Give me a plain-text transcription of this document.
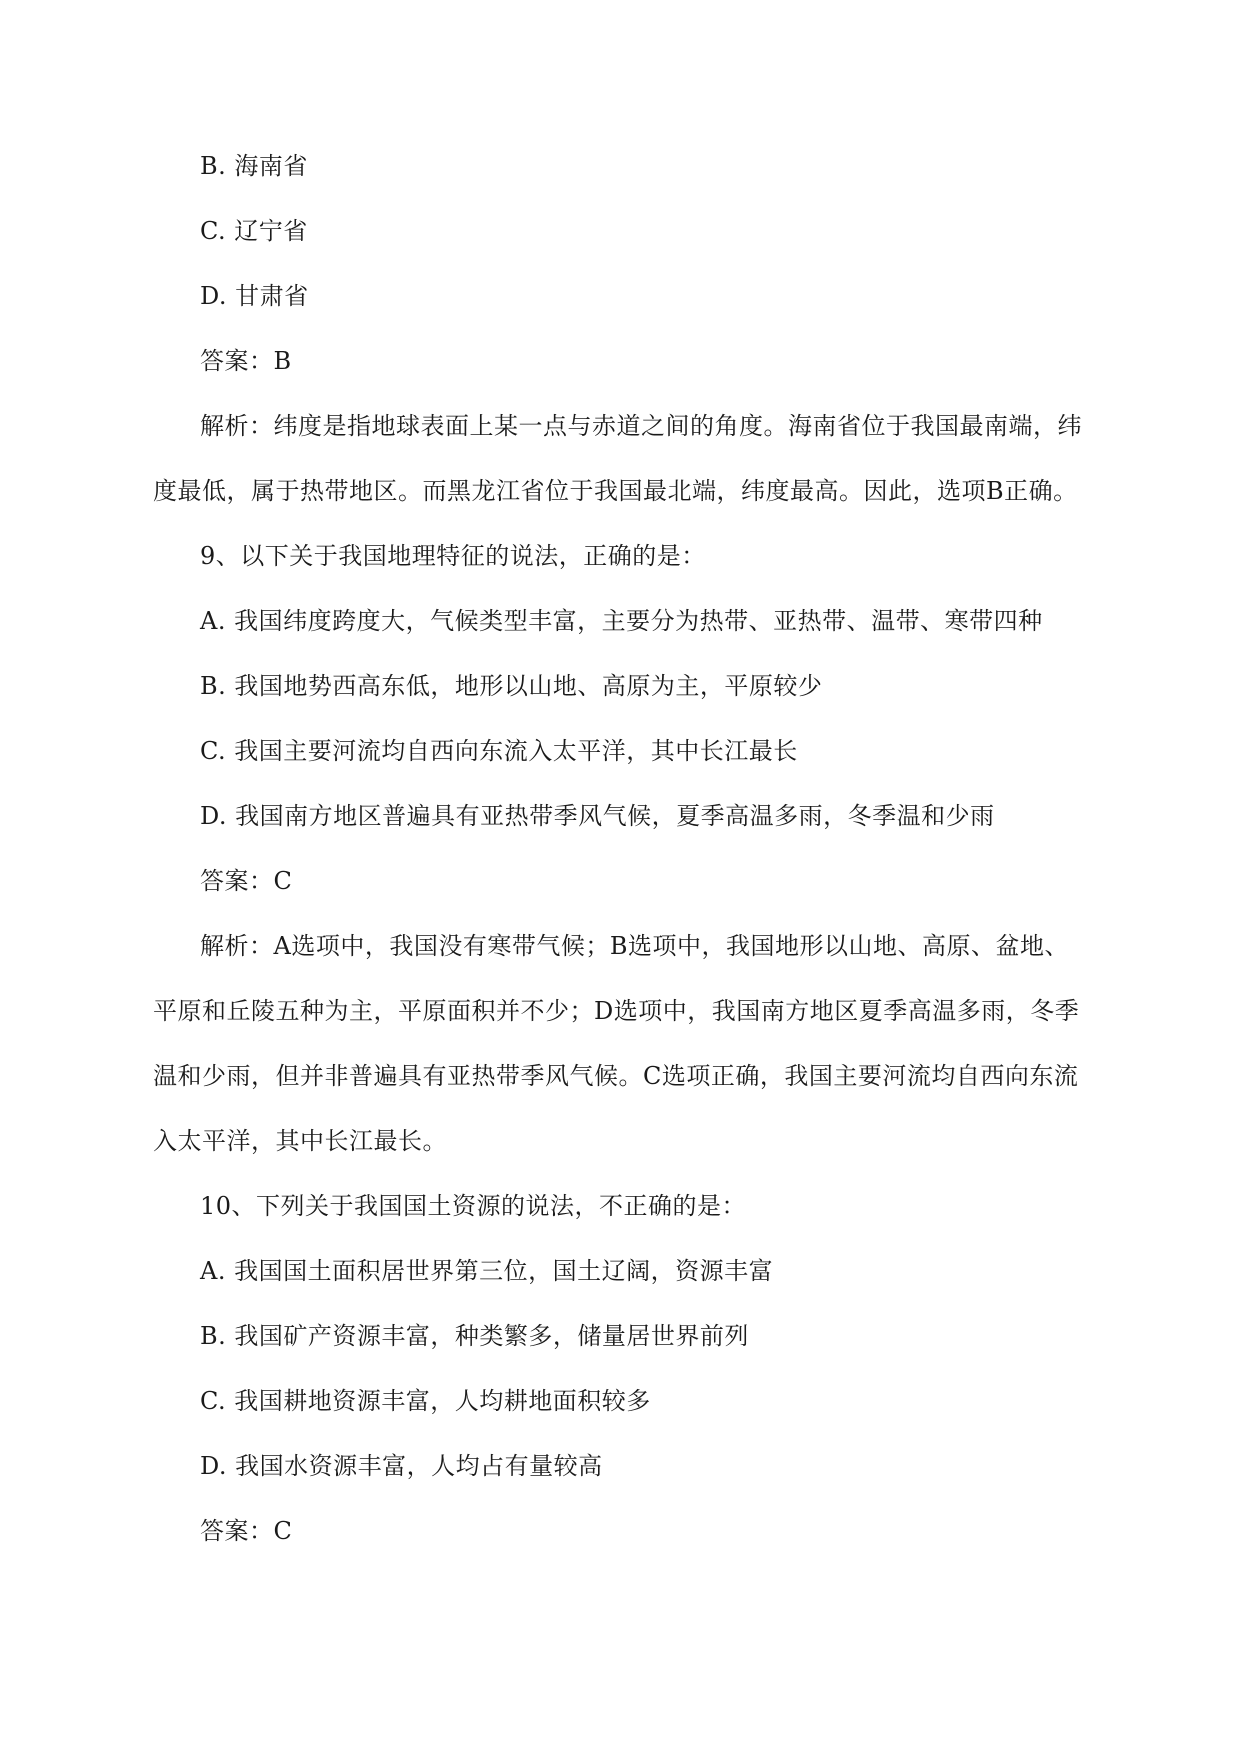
B. 海南省
C. 辽宁省
D. 甘肃省
答案：B
解析：纬度是指地球表面上某一点与赤道之间的角度。海南省位于我国最南端，纬
度最低，属于热带地区。而黑龙江省位于我国最北端，纬度最高。因此，选项B正确。
9、以下关于我国地理特征的说法，正确的是：
A. 我国纬度跨度大，气候类型丰富，主要分为热带、亚热带、温带、寒带四种
B. 我国地势西高东低，地形以山地、高原为主，平原较少
C. 我国主要河流均自西向东流入太平洋，其中长江最长
D. 我国南方地区普遍具有亚热带季风气候，夏季高温多雨，冬季温和少雨
答案：C
解析：A选项中，我国没有寒带气候；B选项中，我国地形以山地、高原、盆地、
平原和丘陵五种为主，平原面积并不少；D选项中，我国南方地区夏季高温多雨，冬季
温和少雨，但并非普遍具有亚热带季风气候。C选项正确，我国主要河流均自西向东流
入太平洋，其中长江最长。
10、下列关于我国国土资源的说法，不正确的是：
A. 我国国土面积居世界第三位，国土辽阔，资源丰富
B. 我国矿产资源丰富，种类繁多，储量居世界前列
C. 我国耕地资源丰富，人均耕地面积较多
D. 我国水资源丰富，人均占有量较高
答案：C
